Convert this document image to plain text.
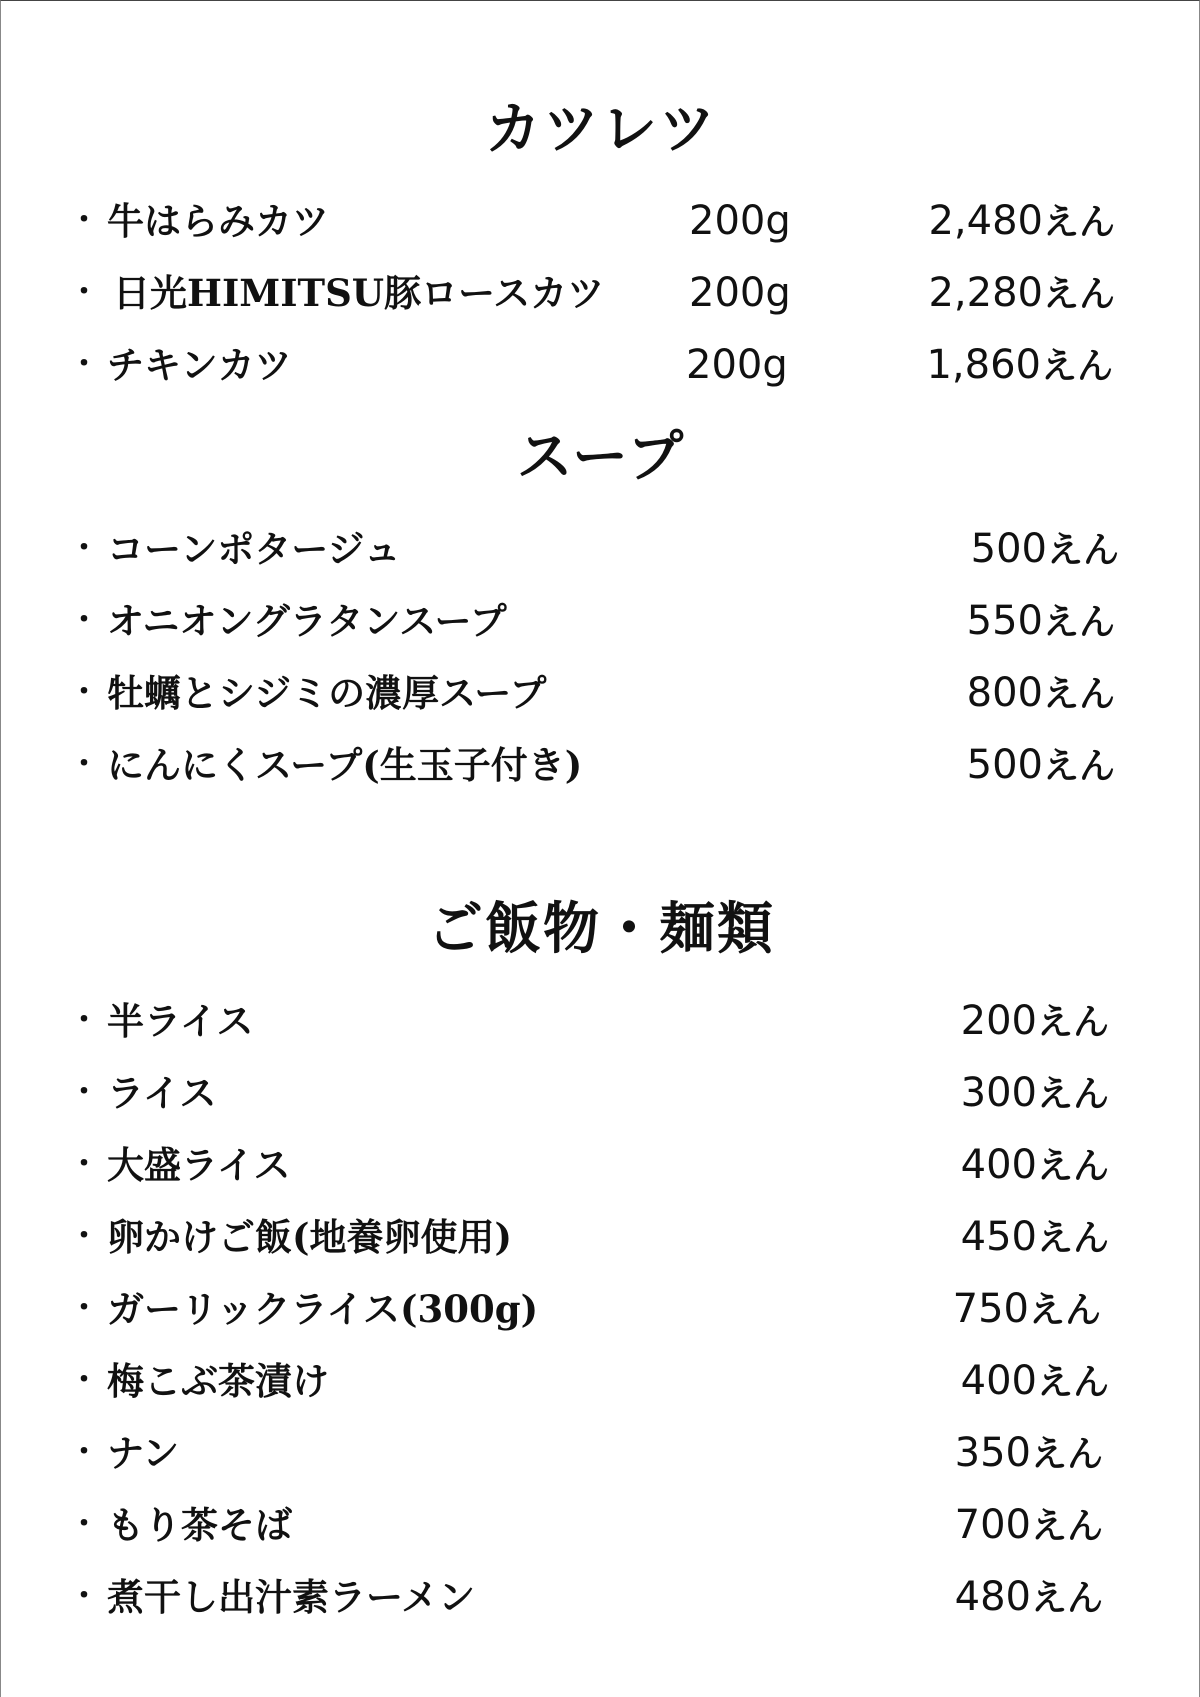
カツレツ
・ 牛はらみカツ	200g	2,480えん
・ 日光HIMITSU豚ロースカツ 200g	2,280えん
・ チキンカツ	200g	1,860えん
スープ
・ コーンポタージュ	500えん
・ オニオングラタンスープ	550えん
・ 牡蠣とシジミの濃厚スープ	800えん
・ にんにくスープ(生玉子付き)	500えん
ご飯物・麺類
・ 半ライス	200えん
・ ライス	300えん
・ 大盛ライス	400えん
・ 卵かけご飯(地養卵使用)	450えん
・ ガーリックライス(300g)	750えん
・ 梅こぶ茶漬け	400えん
・ ナン	350えん
・ もり茶そば	700えん
・ 煮干し出汁素ラーメン	480えん
